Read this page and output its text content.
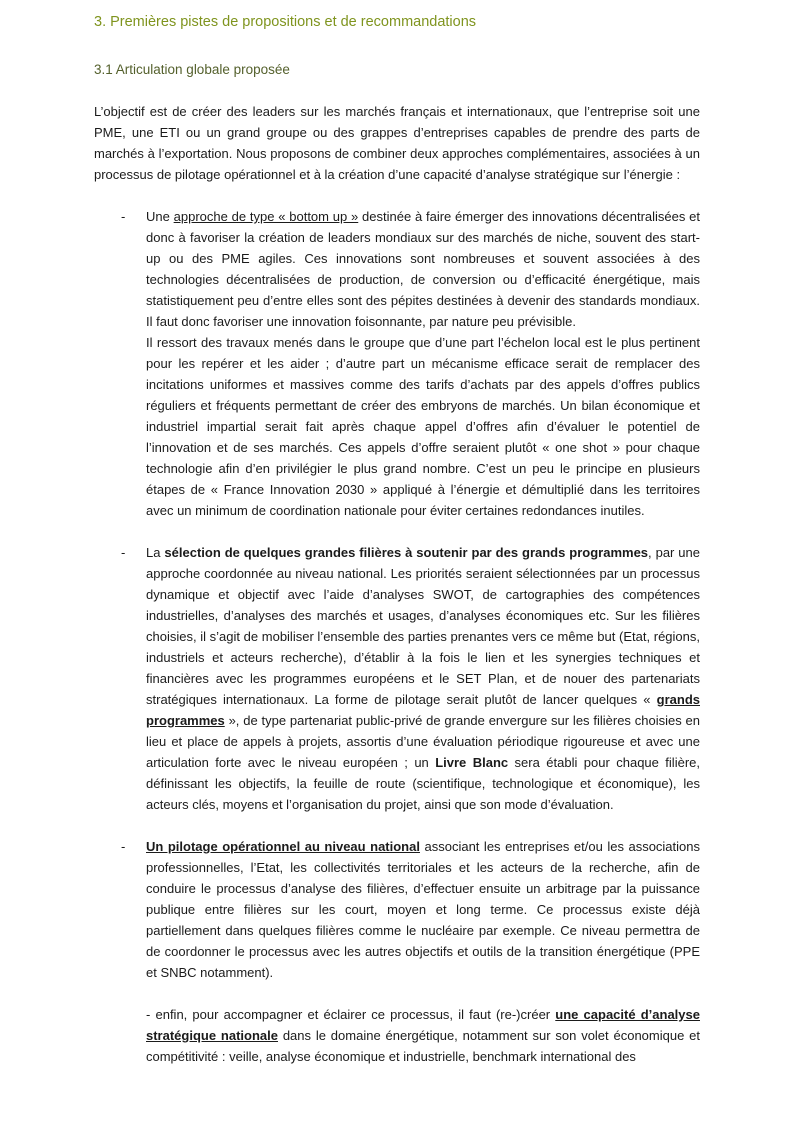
3. Premières pistes de propositions et de recommandations
3.1 Articulation globale proposée

L’objectif est de créer des leaders sur les marchés français et internationaux, que l’entreprise soit une PME, une ETI ou un grand groupe ou des grappes d’entreprises capables de prendre des parts de marchés à l’exportation. Nous proposons de combiner deux approches complémentaires, associées à un processus de pilotage opérationnel et à la création d’une capacité d’analyse stratégique sur l’énergie :

-	Une approche de type « bottom up » destinée à faire émerger des innovations décentralisées et donc à favoriser la création de leaders mondiaux sur des marchés de niche, souvent des start-up ou des PME agiles. Ces innovations sont nombreuses et souvent associées à des technologies décentralisées de production, de conversion ou d’efficacité énergétique, mais statistiquement peu d’entre elles sont des pépites destinées à devenir des standards mondiaux. Il faut donc favoriser une innovation foisonnante, par nature peu prévisible.

Il ressort des travaux menés dans le groupe que d’une part l’échelon local est le plus pertinent pour les repérer et les aider ; d’autre part un mécanisme efficace serait de remplacer des incitations uniformes et massives comme des tarifs d’achats par des appels d’offres publics réguliers et fréquents permettant de créer des embryons de marchés. Un bilan économique et industriel impartial serait fait après chaque appel d’offres afin d’évaluer le potentiel de l’innovation et de ses marchés. Ces appels d’offre seraient plutôt « one shot » pour chaque technologie afin d’en privilégier le plus grand nombre. C’est un peu le principe en plusieurs étapes de « France Innovation 2030 » appliqué à l’énergie et démultiplié dans les territoires avec un minimum de coordination nationale pour éviter certaines redondances inutiles.

-	La sélection de quelques grandes filières à soutenir par des grands programmes, par une approche coordonnée au niveau national. Les priorités seraient sélectionnées par un processus dynamique et objectif avec l’aide d’analyses SWOT, de cartographies des compétences industrielles, d’analyses des marchés et usages, d’analyses économiques etc. Sur les filières choisies, il s’agit de mobiliser l’ensemble des parties prenantes vers ce même but (Etat, régions, industriels et acteurs recherche), d’établir à la fois le lien et les synergies techniques et financières avec les programmes européens et le SET Plan, et de nouer des partenariats stratégiques internationaux. La forme de pilotage serait plutôt de lancer quelques « grands programmes », de type partenariat public-privé de grande envergure sur les filières choisies en lieu et place de appels à projets, assortis d’une évaluation périodique rigoureuse et avec une articulation forte avec le niveau européen ; un Livre Blanc sera établi pour chaque filière, définissant les objectifs, la feuille de route (scientifique, technologique et économique), les acteurs clés, moyens et l’organisation du projet, ainsi que son mode d’évaluation.

-	Un pilotage opérationnel au niveau national associant les entreprises et/ou les associations professionnelles, l’Etat, les collectivités territoriales et les acteurs de la recherche, afin de conduire le processus d’analyse des filières, d’effectuer ensuite un arbitrage par la puissance publique entre filières sur les court, moyen et long terme. Ce processus existe déjà partiellement dans quelques filières comme le nucléaire par exemple. Ce niveau permettra de de coordonner le processus avec les autres objectifs et outils de la transition énergétique (PPE et SNBC notamment).

- enfin, pour accompagner et éclairer ce processus, il faut (re-)créer une capacité d’analyse stratégique nationale dans le domaine énergétique, notamment sur son volet économique et compétitivité : veille, analyse économique et industrielle, benchmark international des
